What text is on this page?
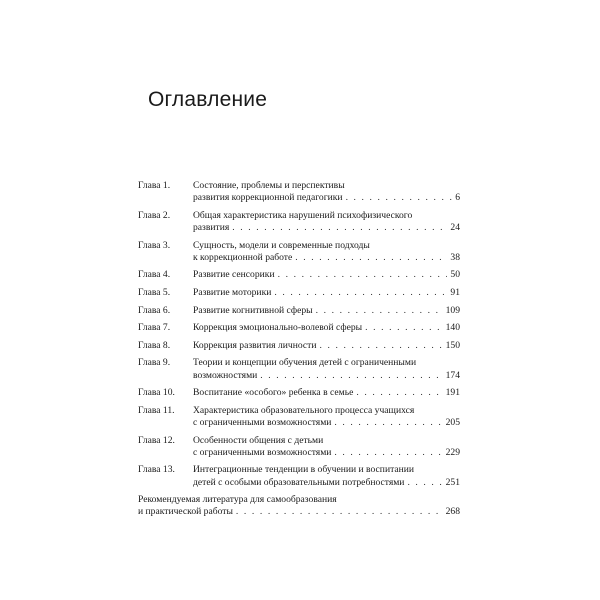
Оглавление
Глава 1.	Состояние, проблемы и перспективы
развития коррекционной педагогики . . .	6
Глава 2.	Общая характеристика нарушений психофизического
развития . . .	24
Глава 3.	Сущность, модели и современные подходы
к коррекционной работе . . .	38
Глава 4.	Развитие сенсорики . . .	50
Глава 5.	Развитие моторики . . .	91
Глава 6.	Развитие когнитивной сферы . . .	109
Глава 7.	Коррекция эмоционально-волевой сферы . . .	140
Глава 8.	Коррекция развития личности . . .	150
Глава 9.	Теории и концепции обучения детей с ограниченными
возможностями . . .	174
Глава 10.	Воспитание «особого» ребенка в семье . . .	191
Глава 11.	Характеристика образовательного процесса учащихся
с ограниченными возможностями . . .	205
Глава 12.	Особенности общения с детьми
с ограниченными возможностями . . .	229
Глава 13.	Интеграционные тенденции в обучении и воспитании
детей с особыми образовательными потребностями . . .	251
Рекомендуемая литература для самообразования
и практической работы . . .	268
